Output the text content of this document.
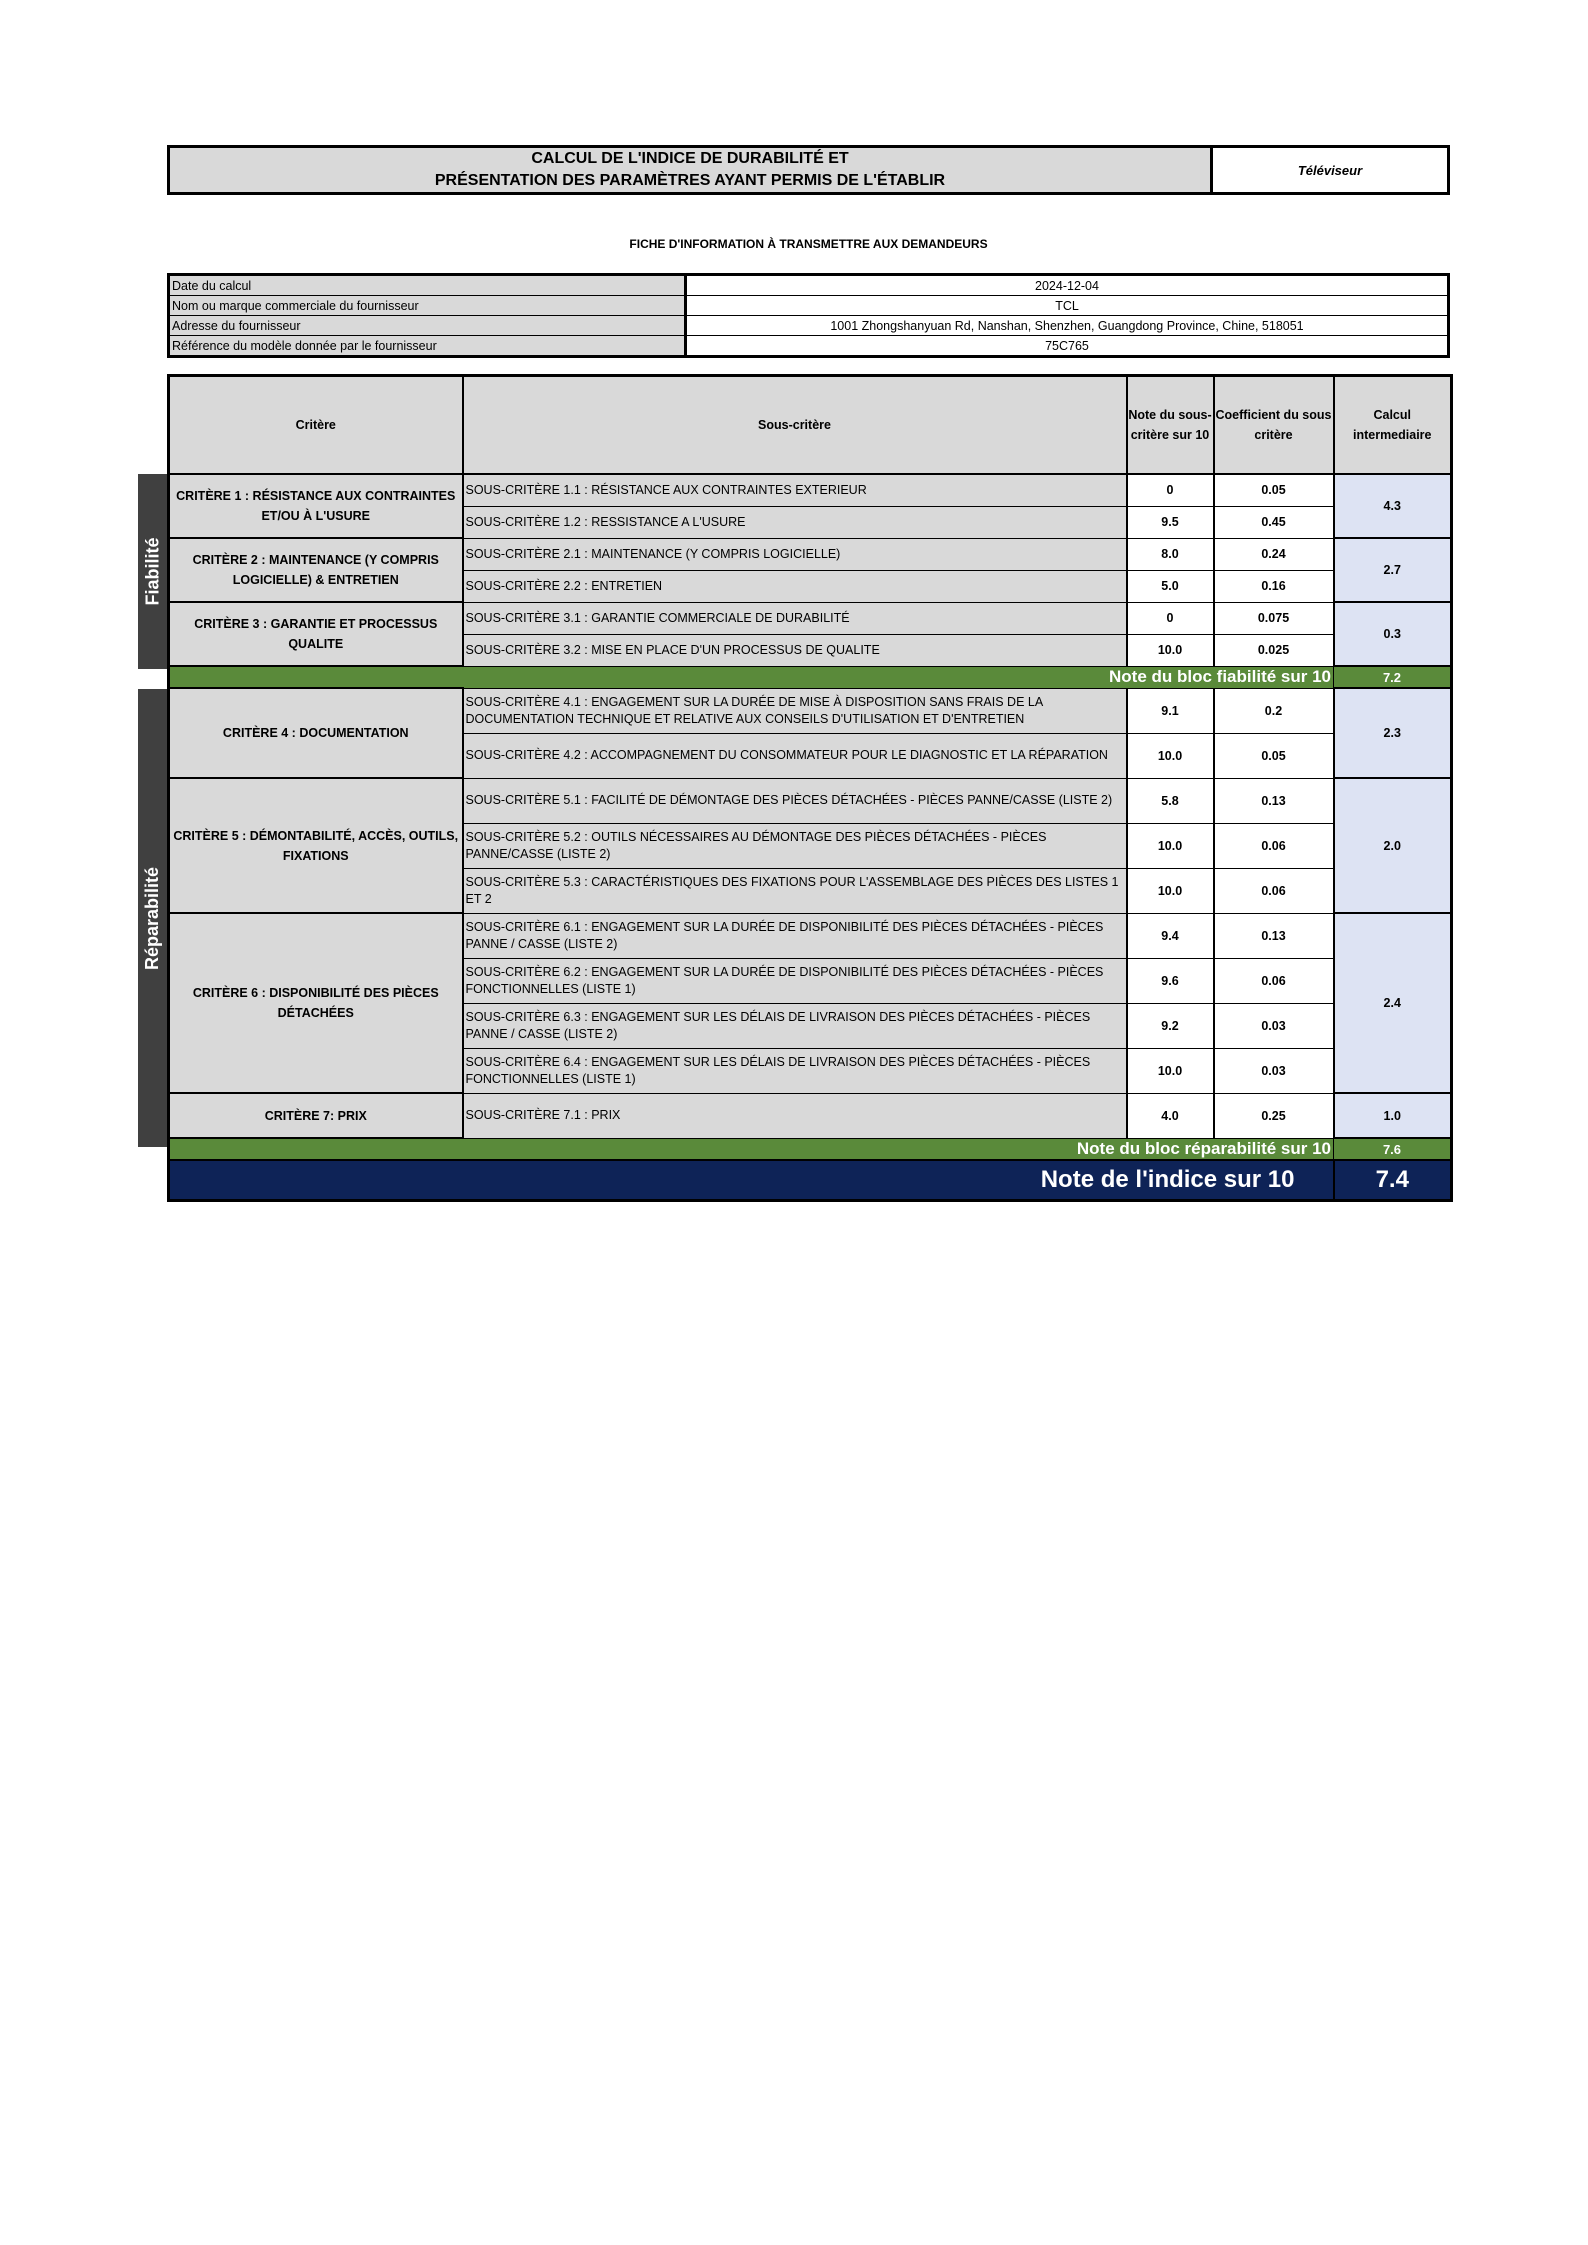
CALCUL DE L'INDICE DE DURABILITÉ ET
PRÉSENTATION DES PARAMÈTRES AYANT PERMIS DE L'ÉTABLIR
Téléviseur
FICHE D'INFORMATION À TRANSMETTRE AUX DEMANDEURS
Date du calcul	2024-12-04
Nom ou marque commerciale du fournisseur	TCL
Adresse du fournisseur	1001 Zhongshanyuan Rd, Nanshan, Shenzhen, Guangdong Province, Chine, 518051
Référence du modèle donnée par le fournisseur	75C765
Fiabilité
Réparabilité
Critère	Sous-critère	Note du sous-critère sur 10	Coefficient du sous critère	Calcul intermediaire
CRITÈRE 1 : RÉSISTANCE AUX CONTRAINTES ET/OU À L'USURE	SOUS-CRITÈRE 1.1 : RÉSISTANCE AUX CONTRAINTES EXTERIEUR	0	0.05	4.3
	SOUS-CRITÈRE 1.2 : RESSISTANCE A L'USURE	9.5	0.45	
CRITÈRE 2 : MAINTENANCE (Y COMPRIS LOGICIELLE) & ENTRETIEN	SOUS-CRITÈRE 2.1 : MAINTENANCE (Y COMPRIS LOGICIELLE)	8.0	0.24	2.7
	SOUS-CRITÈRE 2.2 : ENTRETIEN	5.0	0.16	
CRITÈRE 3 : GARANTIE ET PROCESSUS QUALITE	SOUS-CRITÈRE 3.1 : GARANTIE COMMERCIALE DE DURABILITÉ	0	0.075	0.3
	SOUS-CRITÈRE 3.2 : MISE EN PLACE D'UN PROCESSUS DE QUALITE	10.0	0.025	
Note du bloc fiabilité sur 10				7.2
CRITÈRE 4 : DOCUMENTATION	SOUS-CRITÈRE 4.1 : ENGAGEMENT SUR LA DURÉE DE MISE À DISPOSITION SANS FRAIS DE LA DOCUMENTATION TECHNIQUE ET RELATIVE AUX CONSEILS D'UTILISATION ET D'ENTRETIEN	9.1	0.2	2.3
	SOUS-CRITÈRE 4.2 : ACCOMPAGNEMENT DU CONSOMMATEUR POUR LE DIAGNOSTIC ET LA RÉPARATION	10.0	0.05	
CRITÈRE 5 : DÉMONTABILITÉ, ACCÈS, OUTILS, FIXATIONS	SOUS-CRITÈRE 5.1 : FACILITÉ DE DÉMONTAGE DES PIÈCES DÉTACHÉES - PIÈCES PANNE/CASSE (LISTE 2)	5.8	0.13	2.0
	SOUS-CRITÈRE 5.2 : OUTILS NÉCESSAIRES AU DÉMONTAGE DES PIÈCES DÉTACHÉES - PIÈCES PANNE/CASSE (LISTE 2)	10.0	0.06	
	SOUS-CRITÈRE 5.3 : CARACTÉRISTIQUES DES FIXATIONS POUR L'ASSEMBLAGE DES PIÈCES DES LISTES 1 ET 2	10.0	0.06	
CRITÈRE 6 : DISPONIBILITÉ DES PIÈCES DÉTACHÉES	SOUS-CRITÈRE 6.1 : ENGAGEMENT SUR LA DURÉE DE DISPONIBILITÉ DES PIÈCES DÉTACHÉES - PIÈCES PANNE / CASSE (LISTE 2)	9.4	0.13	2.4
	SOUS-CRITÈRE 6.2 : ENGAGEMENT SUR LA DURÉE DE DISPONIBILITÉ DES PIÈCES DÉTACHÉES - PIÈCES FONCTIONNELLES (LISTE 1)	9.6	0.06	
	SOUS-CRITÈRE 6.3 : ENGAGEMENT SUR LES DÉLAIS DE LIVRAISON DES PIÈCES DÉTACHÉES - PIÈCES PANNE / CASSE (LISTE 2)	9.2	0.03	
	SOUS-CRITÈRE 6.4 : ENGAGEMENT SUR LES DÉLAIS DE LIVRAISON DES PIÈCES DÉTACHÉES - PIÈCES FONCTIONNELLES (LISTE 1)	10.0	0.03	
CRITÈRE 7: PRIX	SOUS-CRITÈRE 7.1 : PRIX	4.0	0.25	1.0
Note du bloc réparabilité sur 10				7.6
Note de l'indice sur 10				7.4
